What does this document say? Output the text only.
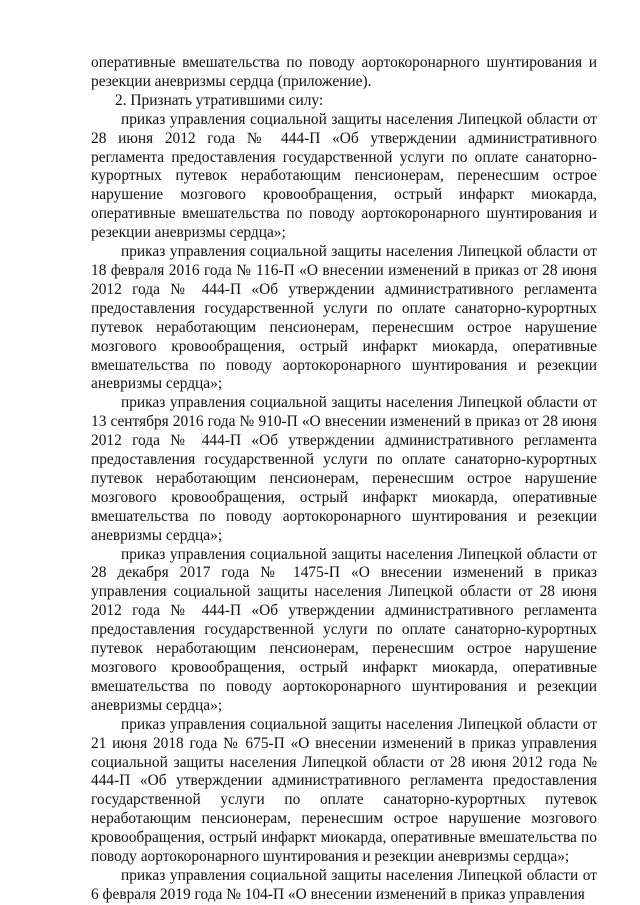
оперативные вмешательства по поводу аортокоронарного шунтирования и резекции аневризмы сердца (приложение).

2. Признать утратившими силу:

приказ управления социальной защиты населения Липецкой области от 28 июня 2012 года № 444-П «Об утверждении административного регламента предоставления государственной услуги по оплате санаторно-курортных путевок неработающим пенсионерам, перенесшим острое нарушение мозгового кровообращения, острый инфаркт миокарда, оперативные вмешательства по поводу аортокоронарного шунтирования и резекции аневризмы сердца»;

приказ управления социальной защиты населения Липецкой области от 18 февраля 2016 года № 116-П «О внесении изменений в приказ от 28 июня 2012 года № 444-П «Об утверждении административного регламента предоставления государственной услуги по оплате санаторно-курортных путевок неработающим пенсионерам, перенесшим острое нарушение мозгового кровообращения, острый инфаркт миокарда, оперативные вмешательства по поводу аортокоронарного шунтирования и резекции аневризмы сердца»;

приказ управления социальной защиты населения Липецкой области от 13 сентября 2016 года № 910-П «О внесении изменений в приказ от 28 июня 2012 года № 444-П «Об утверждении административного регламента предоставления государственной услуги по оплате санаторно-курортных путевок неработающим пенсионерам, перенесшим острое нарушение мозгового кровообращения, острый инфаркт миокарда, оперативные вмешательства по поводу аортокоронарного шунтирования и резекции аневризмы сердца»;

приказ управления социальной защиты населения Липецкой области от 28 декабря 2017 года № 1475-П «О внесении изменений в приказ управления социальной защиты населения Липецкой области от 28 июня 2012 года № 444-П «Об утверждении административного регламента предоставления государственной услуги по оплате санаторно-курортных путевок неработающим пенсионерам, перенесшим острое нарушение мозгового кровообращения, острый инфаркт миокарда, оперативные вмешательства по поводу аортокоронарного шунтирования и резекции аневризмы сердца»;

приказ управления социальной защиты населения Липецкой области от 21 июня 2018 года № 675-П «О внесении изменений в приказ управления социальной защиты населения Липецкой области от 28 июня 2012 года № 444-П «Об утверждении административного регламента предоставления государственной услуги по оплате санаторно-курортных путевок неработающим пенсионерам, перенесшим острое нарушение мозгового кровообращения, острый инфаркт миокарда, оперативные вмешательства по поводу аортокоронарного шунтирования и резекции аневризмы сердца»;

приказ управления социальной защиты населения Липецкой области от 6 февраля 2019 года № 104-П «О внесении изменений в приказ управления
